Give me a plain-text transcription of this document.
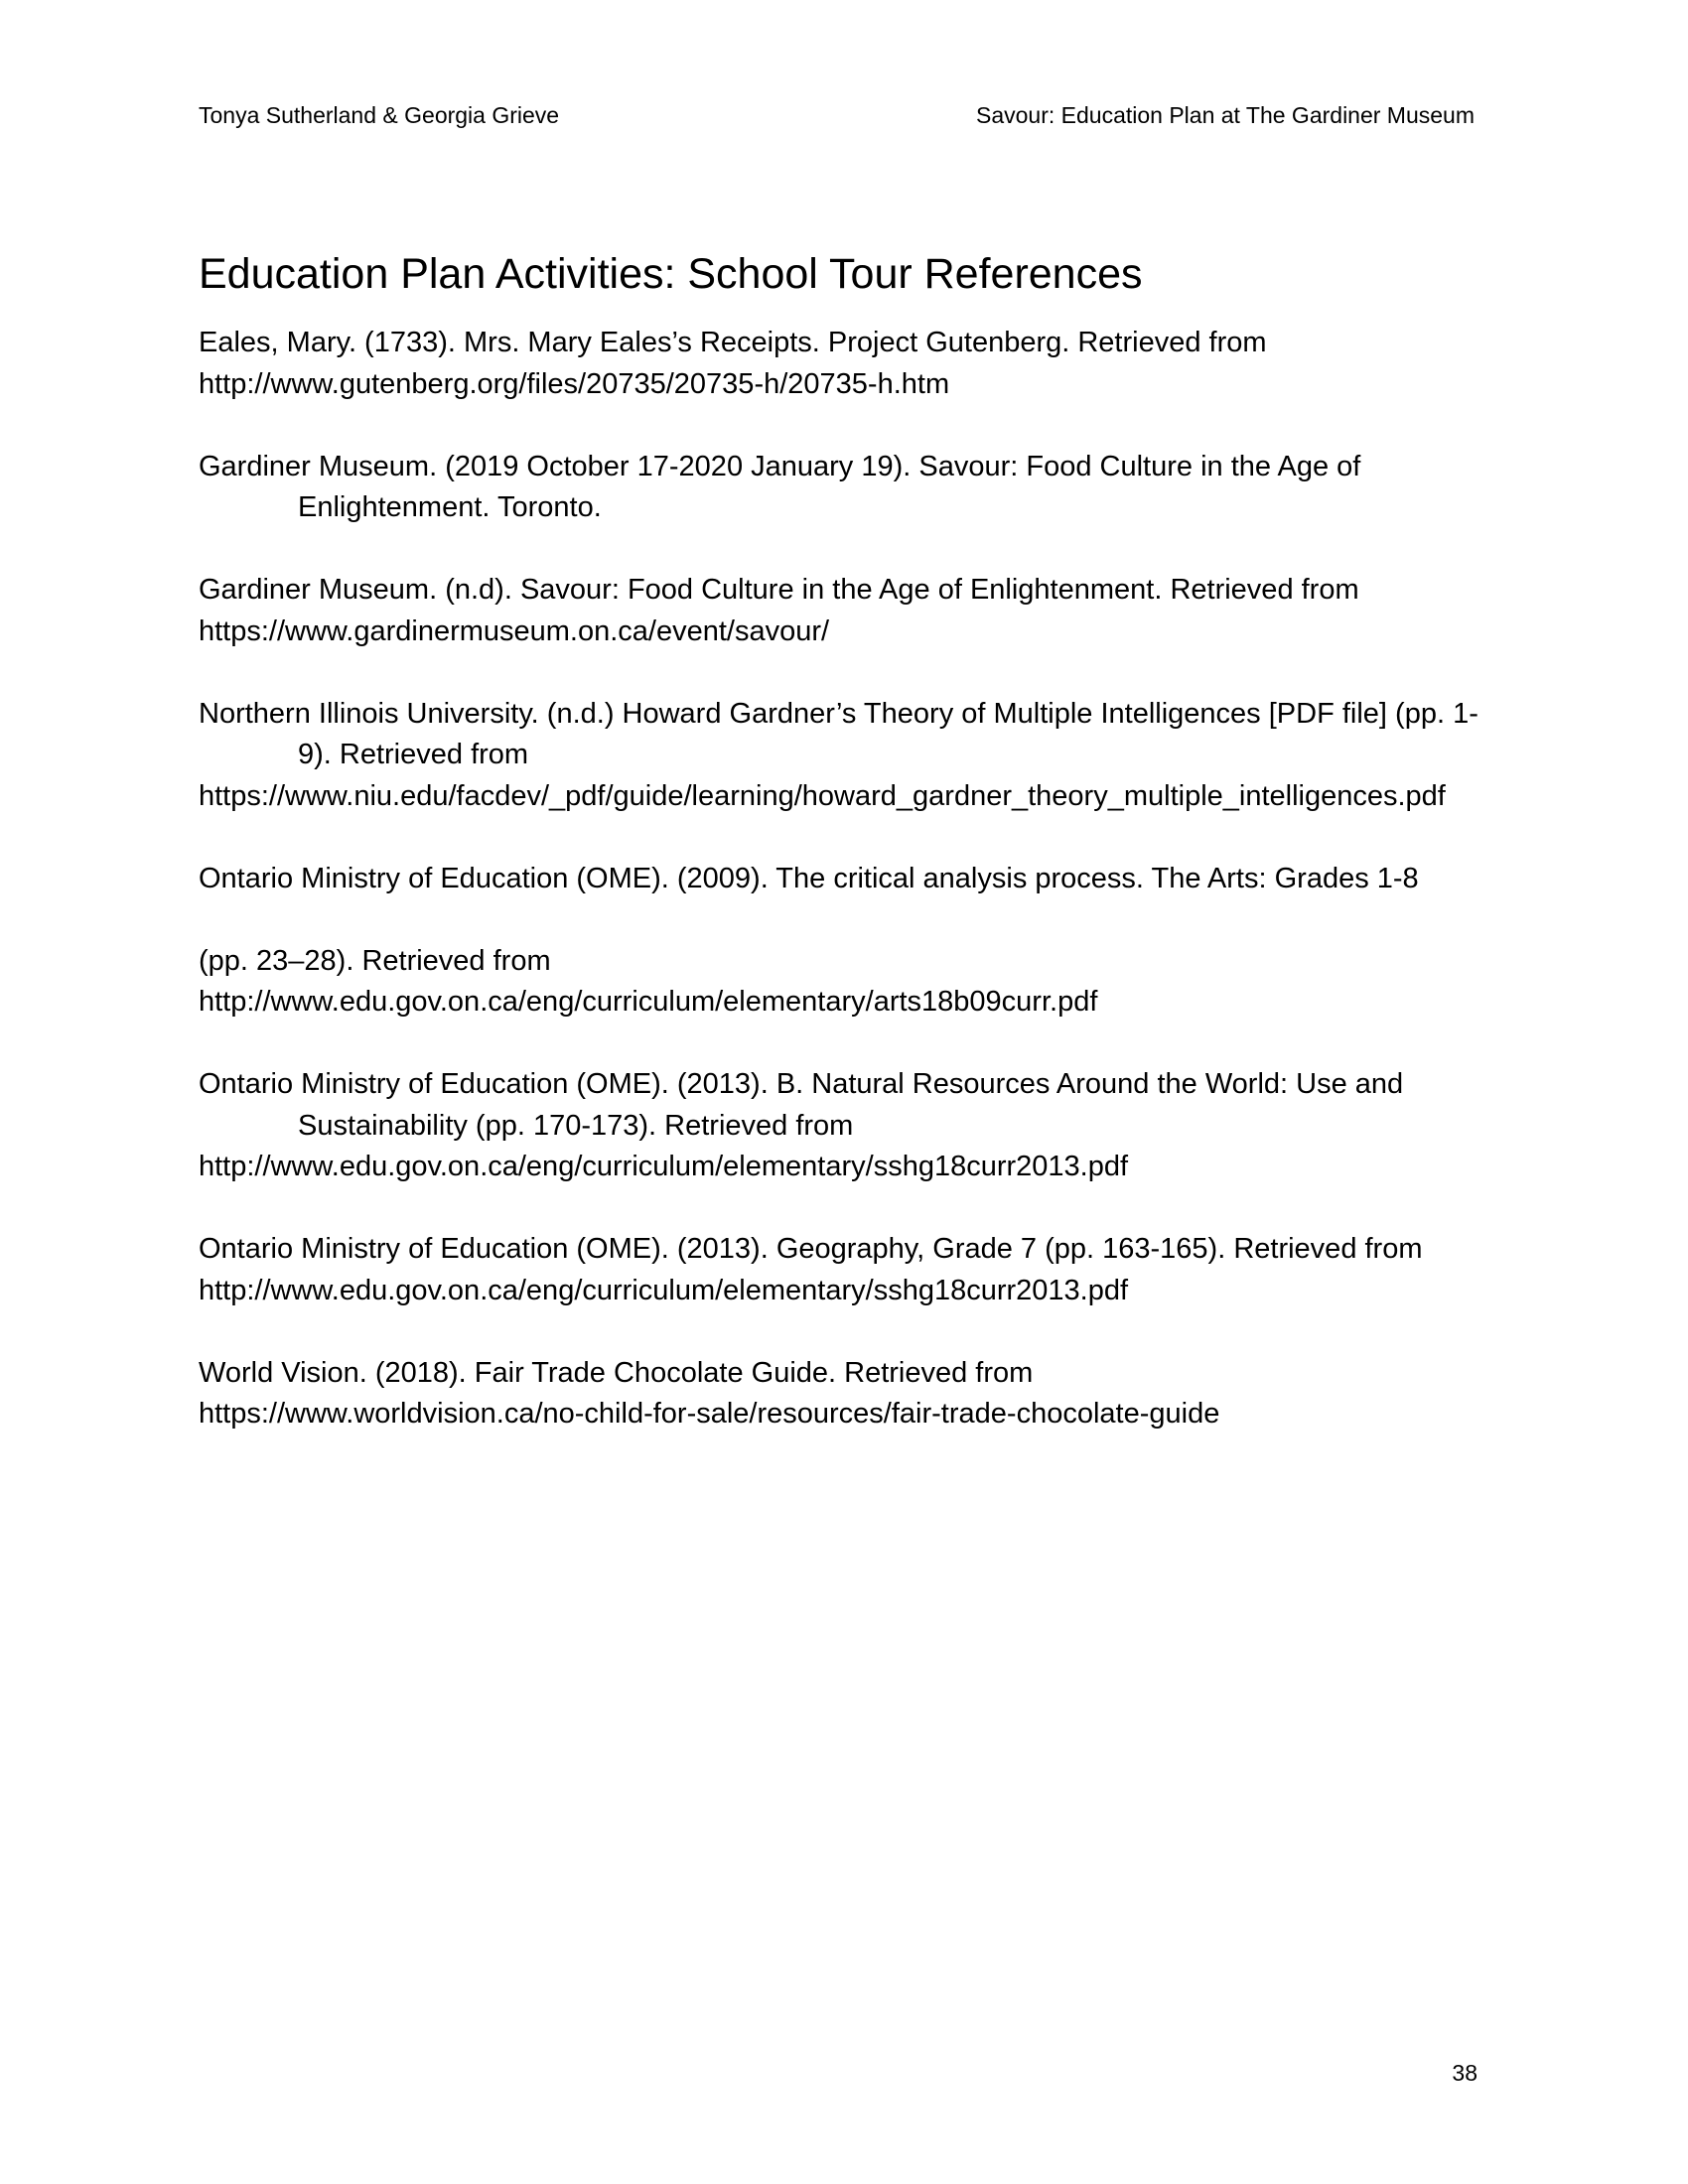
Tonya Sutherland & Georgia Grieve	Savour: Education Plan at The Gardiner Museum
Education Plan Activities: School Tour References

Eales, Mary. (1733). Mrs. Mary Eales’s Receipts. Project Gutenberg. Retrieved from
http://www.gutenberg.org/files/20735/20735-h/20735-h.htm

Gardiner Museum. (2019 October 17-2020 January 19). Savour: Food Culture in the Age of Enlightenment. Toronto.

Gardiner Museum. (n.d). Savour: Food Culture in the Age of Enlightenment. Retrieved from
https://www.gardinermuseum.on.ca/event/savour/

Northern Illinois University. (n.d.) Howard Gardner’s Theory of Multiple Intelligences [PDF file] (pp. 1-9). Retrieved from
https://www.niu.edu/facdev/_pdf/guide/learning/howard_gardner_theory_multiple_intelligences.pdf

Ontario Ministry of Education (OME). (2009). The critical analysis process. The Arts: Grades 1-8
(pp. 23–28). Retrieved from
http://www.edu.gov.on.ca/eng/curriculum/elementary/arts18b09curr.pdf

Ontario Ministry of Education (OME). (2013). B. Natural Resources Around the World: Use and Sustainability (pp. 170-173). Retrieved from
http://www.edu.gov.on.ca/eng/curriculum/elementary/sshg18curr2013.pdf

Ontario Ministry of Education (OME). (2013). Geography, Grade 7 (pp. 163-165). Retrieved from
http://www.edu.gov.on.ca/eng/curriculum/elementary/sshg18curr2013.pdf

World Vision. (2018). Fair Trade Chocolate Guide. Retrieved from
https://www.worldvision.ca/no-child-for-sale/resources/fair-trade-chocolate-guide

38
